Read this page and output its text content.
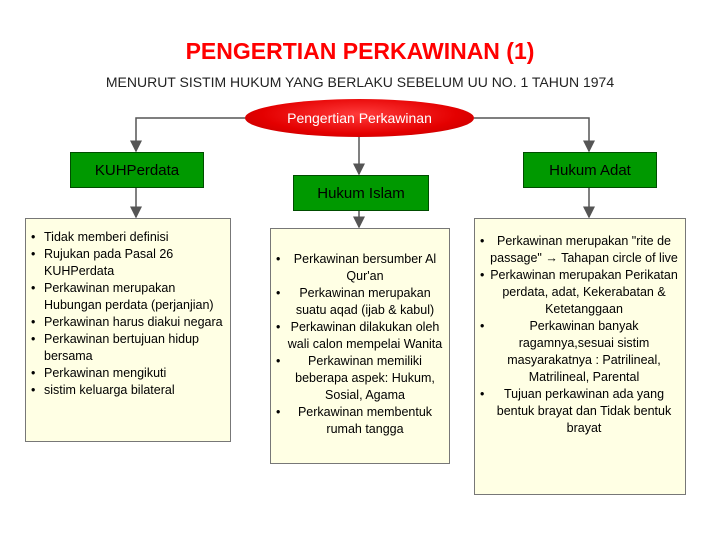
PENGERTIAN PERKAWINAN (1)
MENURUT SISTIM HUKUM YANG BERLAKU SEBELUM UU NO. 1 TAHUN 1974
Pengertian Perkawinan
KUHPerdata
Hukum Islam
Hukum Adat
• Tidak memberi definisi
• Rujukan pada Pasal 26 KUHPerdata
• Perkawinan merupakan Hubungan perdata (perjanjian)
• Perkawinan harus diakui negara
• Perkawinan bertujuan hidup bersama
• Perkawinan mengikuti
• sistim keluarga bilateral
• Perkawinan bersumber Al Qur'an
• Perkawinan merupakan suatu aqad (ijab & kabul)
• Perkawinan dilakukan oleh wali calon mempelai Wanita
• Perkawinan memiliki beberapa aspek: Hukum, Sosial, Agama
• Perkawinan membentuk rumah tangga
• Perkawinan merupakan "rite de passage" → Tahapan circle of live
• Perkawinan merupakan Perikatan perdata, adat, Kekerabatan & Ketetanggaan
• Perkawinan banyak ragamnya,sesuai sistim masyarakatnya : Patrilineal, Matrilineal, Parental
• Tujuan perkawinan ada yang bentuk brayat dan Tidak bentuk brayat
